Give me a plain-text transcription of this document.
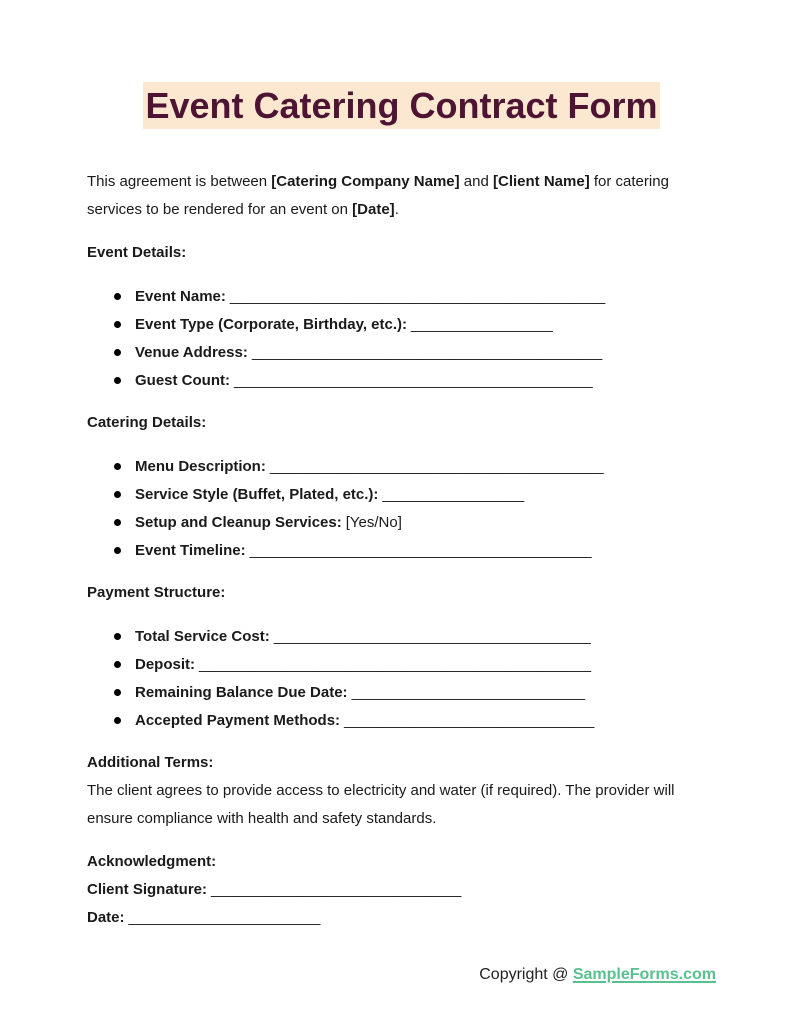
Event Catering Contract Form

This agreement is between [Catering Company Name] and [Client Name] for catering services to be rendered for an event on [Date].

Event Details:
Event Name: _____________________________________________
Event Type (Corporate, Birthday, etc.): _________________
Venue Address: __________________________________________
Guest Count: ___________________________________________
Catering Details:
Menu Description: ________________________________________
Service Style (Buffet, Plated, etc.): _________________
Setup and Cleanup Services: [Yes/No]
Event Timeline: _________________________________________
Payment Structure:
Total Service Cost: ______________________________________
Deposit: _______________________________________________
Remaining Balance Due Date: ____________________________
Accepted Payment Methods: ______________________________
Additional Terms:
The client agrees to provide access to electricity and water (if required). The provider will ensure compliance with health and safety standards.
Acknowledgment:
Client Signature: ______________________________
Date: _______________________
Copyright @ SampleForms.com
